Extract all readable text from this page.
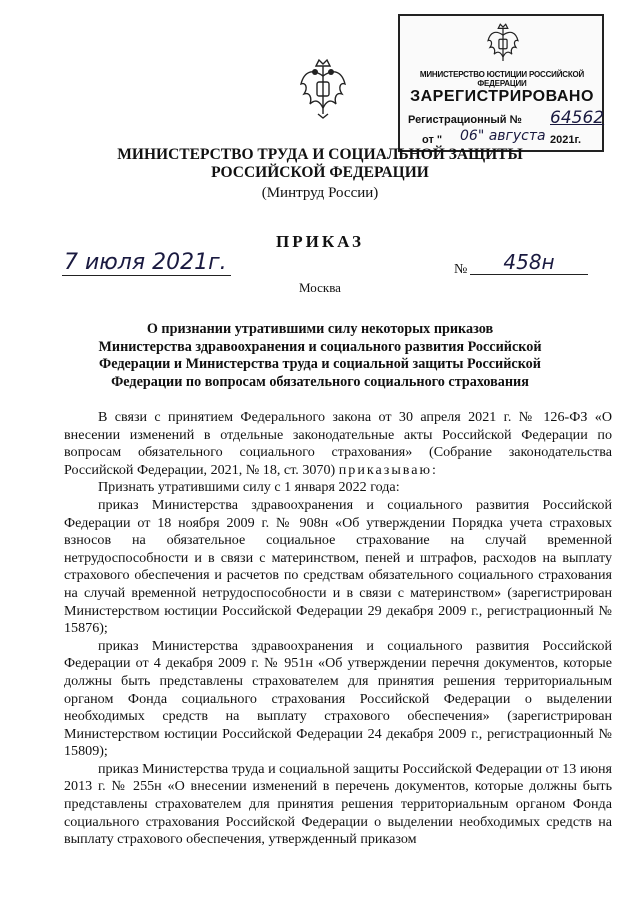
МИНИСТЕРСТВО ЮСТИЦИИ РОССИЙСКОЙ ФЕДЕРАЦИИ
ЗАРЕГИСТРИРОВАНО
Регистрационный № 64562
от " 06" августа 2021г.
МИНИСТЕРСТВО ТРУДА И СОЦИАЛЬНОЙ ЗАЩИТЫ
РОССИЙСКОЙ ФЕДЕРАЦИИ
(Минтруд России)
ПРИКАЗ
7 июля 2021г.	№	458н
Москва
О признании утратившими силу некоторых приказов
Министерства здравоохранения и социального развития Российской
Федерации и Министерства труда и социальной защиты Российской
Федерации по вопросам обязательного социального страхования

В связи с принятием Федерального закона от 30 апреля 2021 г. № 126-ФЗ «О внесении изменений в отдельные законодательные акты Российской Федерации по вопросам обязательного социального страхования» (Собрание законодательства Российской Федерации, 2021, № 18, ст. 3070) приказываю:

Признать утратившими силу с 1 января 2022 года:

приказ Министерства здравоохранения и социального развития Российской Федерации от 18 ноября 2009 г. № 908н «Об утверждении Порядка учета страховых взносов на обязательное социальное страхование на случай временной нетрудоспособности и в связи с материнством, пеней и штрафов, расходов на выплату страхового обеспечения и расчетов по средствам обязательного социального страхования на случай временной нетрудоспособности и в связи с материнством» (зарегистрирован Министерством юстиции Российской Федерации 29 декабря 2009 г., регистрационный № 15876);

приказ Министерства здравоохранения и социального развития Российской Федерации от 4 декабря 2009 г. № 951н «Об утверждении перечня документов, которые должны быть представлены страхователем для принятия решения территориальным органом Фонда социального страхования Российской Федерации о выделении необходимых средств на выплату страхового обеспечения» (зарегистрирован Министерством юстиции Российской Федерации 24 декабря 2009 г., регистрационный № 15809);

приказ Министерства труда и социальной защиты Российской Федерации от 13 июня 2013 г. № 255н «О внесении изменений в перечень документов, которые должны быть представлены страхователем для принятия решения территориальным органом Фонда социального страхования Российской Федерации о выделении необходимых средств на выплату страхового обеспечения, утвержденный приказом
